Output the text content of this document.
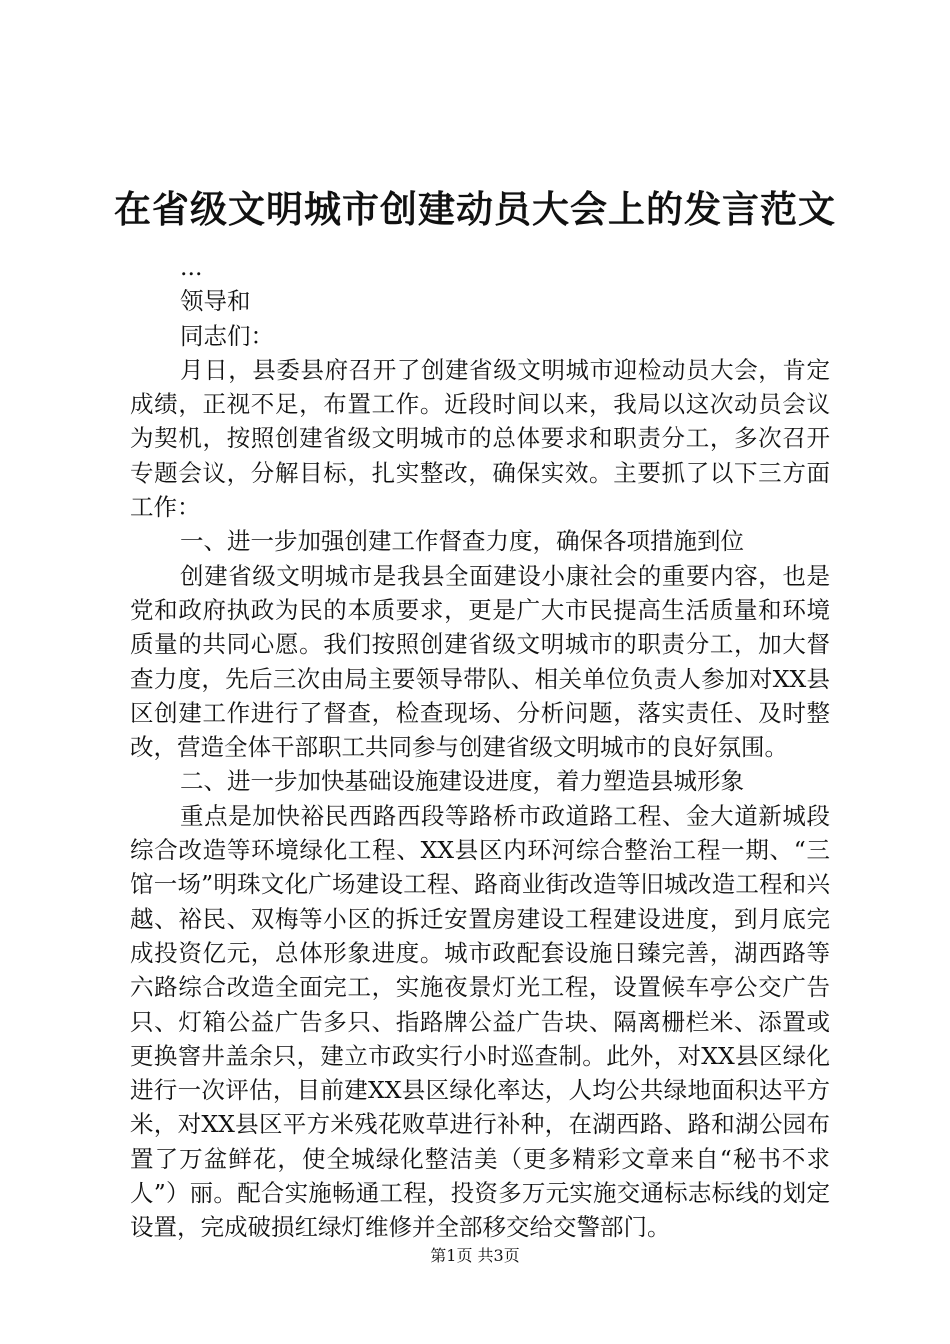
在省级文明城市创建动员大会上的发言范文

...

领导和

同志们：

月日，县委县府召开了创建省级文明城市迎检动员大会，肯定成绩，正视不足，布置工作。近段时间以来，我局以这次动员会议为契机，按照创建省级文明城市的总体要求和职责分工，多次召开专题会议，分解目标，扎实整改，确保实效。主要抓了以下三方面工作：

一、进一步加强创建工作督查力度，确保各项措施到位

创建省级文明城市是我县全面建设小康社会的重要内容，也是党和政府执政为民的本质要求，更是广大市民提高生活质量和环境质量的共同心愿。我们按照创建省级文明城市的职责分工，加大督查力度，先后三次由局主要领导带队、相关单位负责人参加对XX县区创建工作进行了督查，检查现场、分析问题，落实责任、及时整改，营造全体干部职工共同参与创建省级文明城市的良好氛围。

二、进一步加快基础设施建设进度，着力塑造县城形象

重点是加快裕民西路西段等路桥市政道路工程、金大道新城段综合改造等环境绿化工程、XX县区内环河综合整治工程一期、“三馆一场”明珠文化广场建设工程、路商业街改造等旧城改造工程和兴越、裕民、双梅等小区的拆迁安置房建设工程建设进度，到月底完成投资亿元，总体形象进度。城市政配套设施日臻完善，湖西路等六路综合改造全面完工，实施夜景灯光工程，设置候车亭公交广告只、灯箱公益广告多只、指路牌公益广告块、隔离栅栏米、添置或更换窨井盖余只，建立市政实行小时巡查制。此外，对XX县区绿化进行一次评估，目前建XX县区绿化率达，人均公共绿地面积达平方米，对XX县区平方米残花败草进行补种，在湖西路、路和湖公园布置了万盆鲜花，使全城绿化整洁美（更多精彩文章来自“秘书不求人”）丽。配合实施畅通工程，投资多万元实施交通标志标线的划定设置，完成破损红绿灯维修并全部移交给交警部门。

第1页 共3页
